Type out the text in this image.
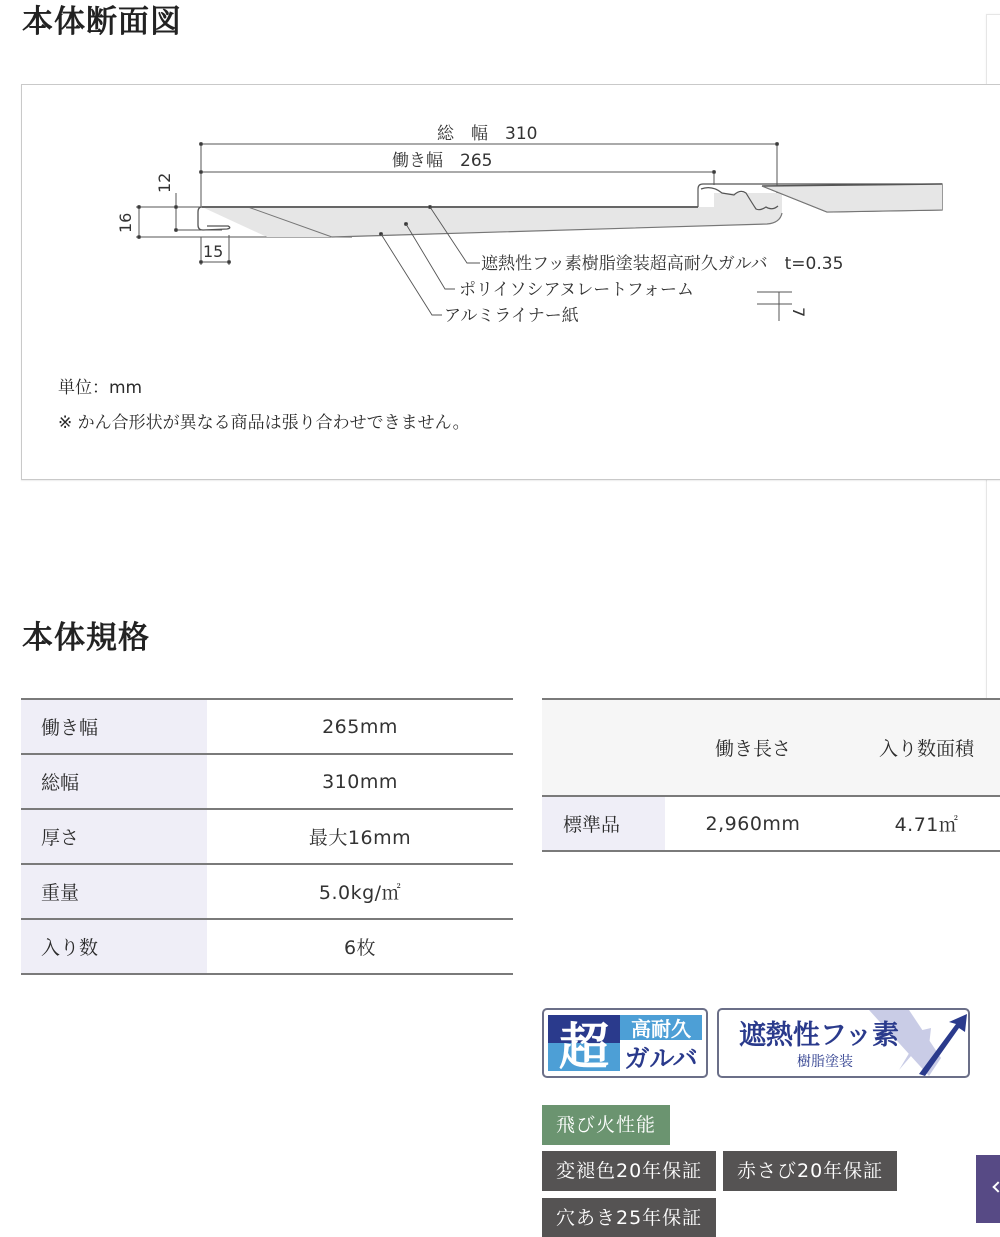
本体断面図
総　幅　310
働き幅　265
12
16
15
7
遮熱性フッ素樹脂塗装超高耐久ガルバ　t=0.35
ポリイソシアヌレートフォーム
アルミライナー紙
単位：mm
※ かん合形状が異なる商品は張り合わせできません。
本体規格
働き幅	265mm
総幅	310mm
厚さ	最大16mm
重量	5.0kg/㎡
入り数	6枚
	働き長さ	入り数面積
標準品	2,960mm	4.71㎡
超 高耐久
ガルバ
遮熱性フッ素
樹脂塗装
飛び火性能
変褪色20年保証	赤さび20年保証
穴あき25年保証
